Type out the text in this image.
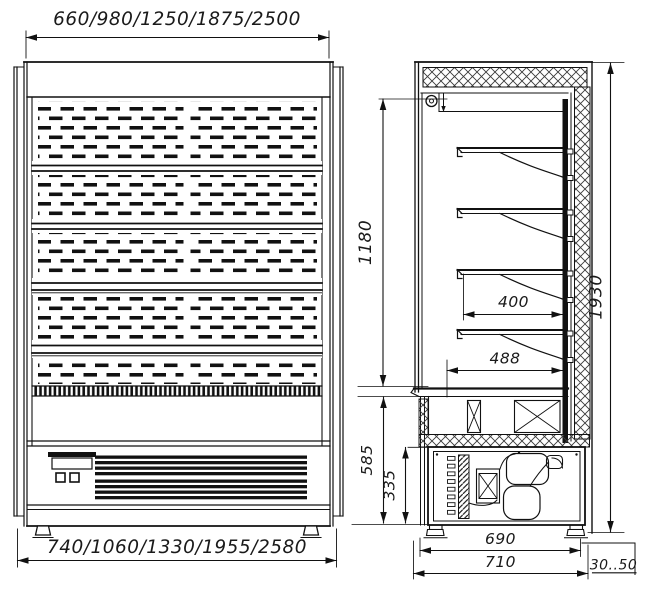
660/980/1250/1875/2500
740/1060/1330/1955/2580
1180
585
335
1930
400
488
690
710	30..50
